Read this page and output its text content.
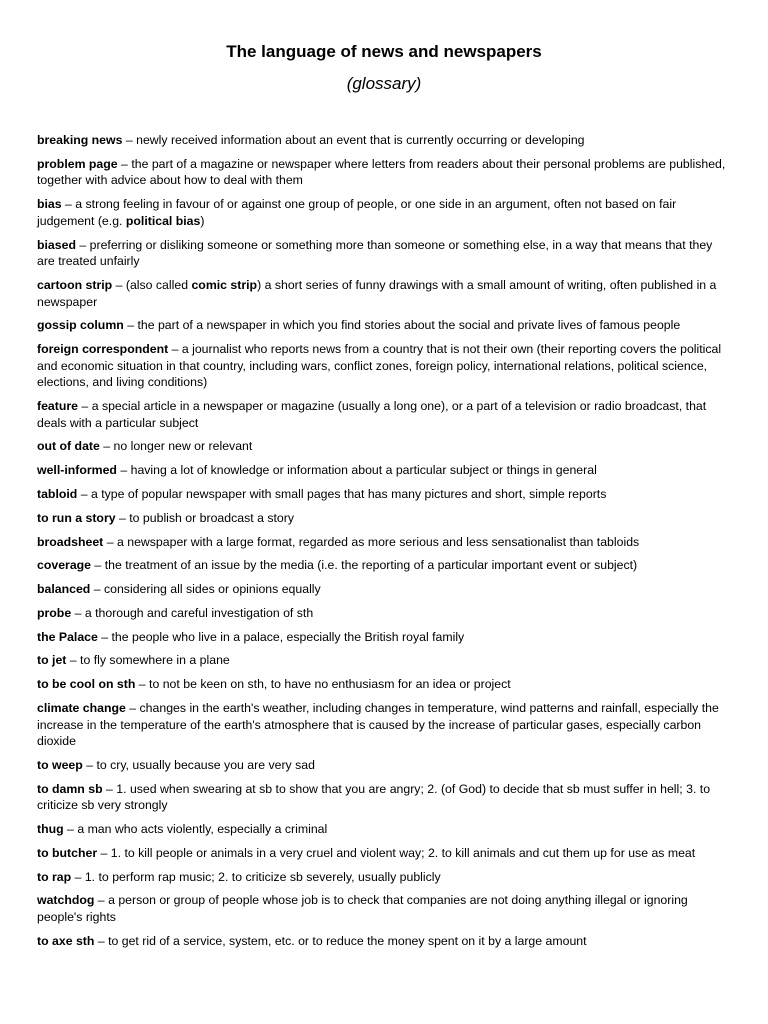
The language of news and newspapers
(glossary)
breaking news – newly received information about an event that is currently occurring or developing
problem page – the part of a magazine or newspaper where letters from readers about their personal problems are published, together with advice about how to deal with them
bias – a strong feeling in favour of or against one group of people, or one side in an argument, often not based on fair judgement (e.g. political bias)
biased – preferring or disliking someone or something more than someone or something else, in a way that means that they are treated unfairly
cartoon strip – (also called comic strip) a short series of funny drawings with a small amount of writing, often published in a newspaper
gossip column – the part of a newspaper in which you find stories about the social and private lives of famous people
foreign correspondent – a journalist who reports news from a country that is not their own (their reporting covers the political and economic situation in that country, including wars, conflict zones, foreign policy, international relations, political science, elections, and living conditions)
feature – a special article in a newspaper or magazine (usually a long one), or a part of a television or radio broadcast, that deals with a particular subject
out of date – no longer new or relevant
well-informed – having a lot of knowledge or information about a particular subject or things in general
tabloid – a type of popular newspaper with small pages that has many pictures and short, simple reports
to run a story – to publish or broadcast a story
broadsheet – a newspaper with a large format, regarded as more serious and less sensationalist than tabloids
coverage – the treatment of an issue by the media (i.e. the reporting of a particular important event or subject)
balanced – considering all sides or opinions equally
probe – a thorough and careful investigation of sth
the Palace – the people who live in a palace, especially the British royal family
to jet – to fly somewhere in a plane
to be cool on sth – to not be keen on sth, to have no enthusiasm for an idea or project
climate change – changes in the earth's weather, including changes in temperature, wind patterns and rainfall, especially the increase in the temperature of the earth's atmosphere that is caused by the increase of particular gases, especially carbon dioxide
to weep – to cry, usually because you are very sad
to damn sb – 1. used when swearing at sb to show that you are angry; 2. (of God) to decide that sb must suffer in hell; 3. to criticize sb very strongly
thug – a man who acts violently, especially a criminal
to butcher – 1. to kill people or animals in a very cruel and violent way; 2. to kill animals and cut them up for use as meat
to rap – 1. to perform rap music; 2. to criticize sb severely, usually publicly
watchdog – a person or group of people whose job is to check that companies are not doing anything illegal or ignoring people's rights
to axe sth – to get rid of a service, system, etc. or to reduce the money spent on it by a large amount
